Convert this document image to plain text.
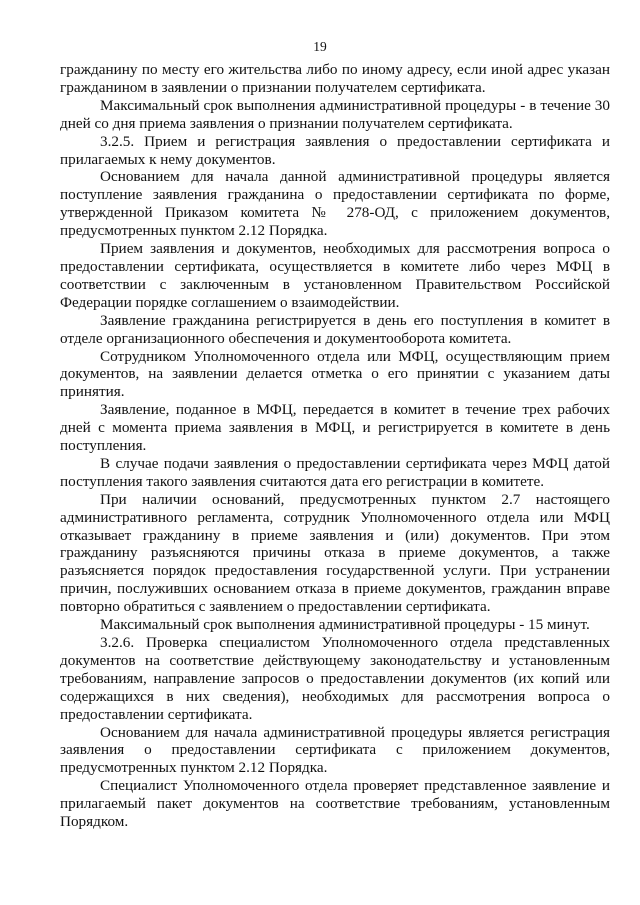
19

гражданину по месту его жительства либо по иному адресу, если иной адрес указан гражданином в заявлении о признании получателем сертификата.

Максимальный срок выполнения административной процедуры - в течение 30 дней со дня приема заявления о признании получателем сертификата.

3.2.5. Прием и регистрация заявления о предоставлении сертификата и прилагаемых к нему документов.

Основанием для начала данной административной процедуры является поступление заявления гражданина о предоставлении сертификата по форме, утвержденной Приказом комитета № 278-ОД, с приложением документов, предусмотренных пунктом 2.12 Порядка.

Прием заявления и документов, необходимых для рассмотрения вопроса о предоставлении сертификата, осуществляется в комитете либо через МФЦ в соответствии с заключенным в установленном Правительством Российской Федерации порядке соглашением о взаимодействии.

Заявление гражданина регистрируется в день его поступления в комитет в отделе организационного обеспечения и документооборота комитета.

Сотрудником Уполномоченного отдела или МФЦ, осуществляющим прием документов, на заявлении делается отметка о его принятии с указанием даты принятия.

Заявление, поданное в МФЦ, передается в комитет в течение трех рабочих дней с момента приема заявления в МФЦ, и регистрируется в комитете в день поступления.

В случае подачи заявления о предоставлении сертификата через МФЦ датой поступления такого заявления считаются дата его регистрации в комитете.

При наличии оснований, предусмотренных пунктом 2.7 настоящего административного регламента, сотрудник Уполномоченного отдела или МФЦ отказывает гражданину в приеме заявления и (или) документов. При этом гражданину разъясняются причины отказа в приеме документов, а также разъясняется порядок предоставления государственной услуги. При устранении причин, послуживших основанием отказа в приеме документов, гражданин вправе повторно обратиться с заявлением о предоставлении сертификата.

Максимальный срок выполнения административной процедуры - 15 минут.

3.2.6. Проверка специалистом Уполномоченного отдела представленных документов на соответствие действующему законодательству и установленным требованиям, направление запросов о предоставлении документов (их копий или содержащихся в них сведения), необходимых для рассмотрения вопроса о предоставлении сертификата.

Основанием для начала административной процедуры является регистрация заявления о предоставлении сертификата с приложением документов, предусмотренных пунктом 2.12 Порядка.

Специалист Уполномоченного отдела проверяет представленное заявление и прилагаемый пакет документов на соответствие требованиям, установленным Порядком.
